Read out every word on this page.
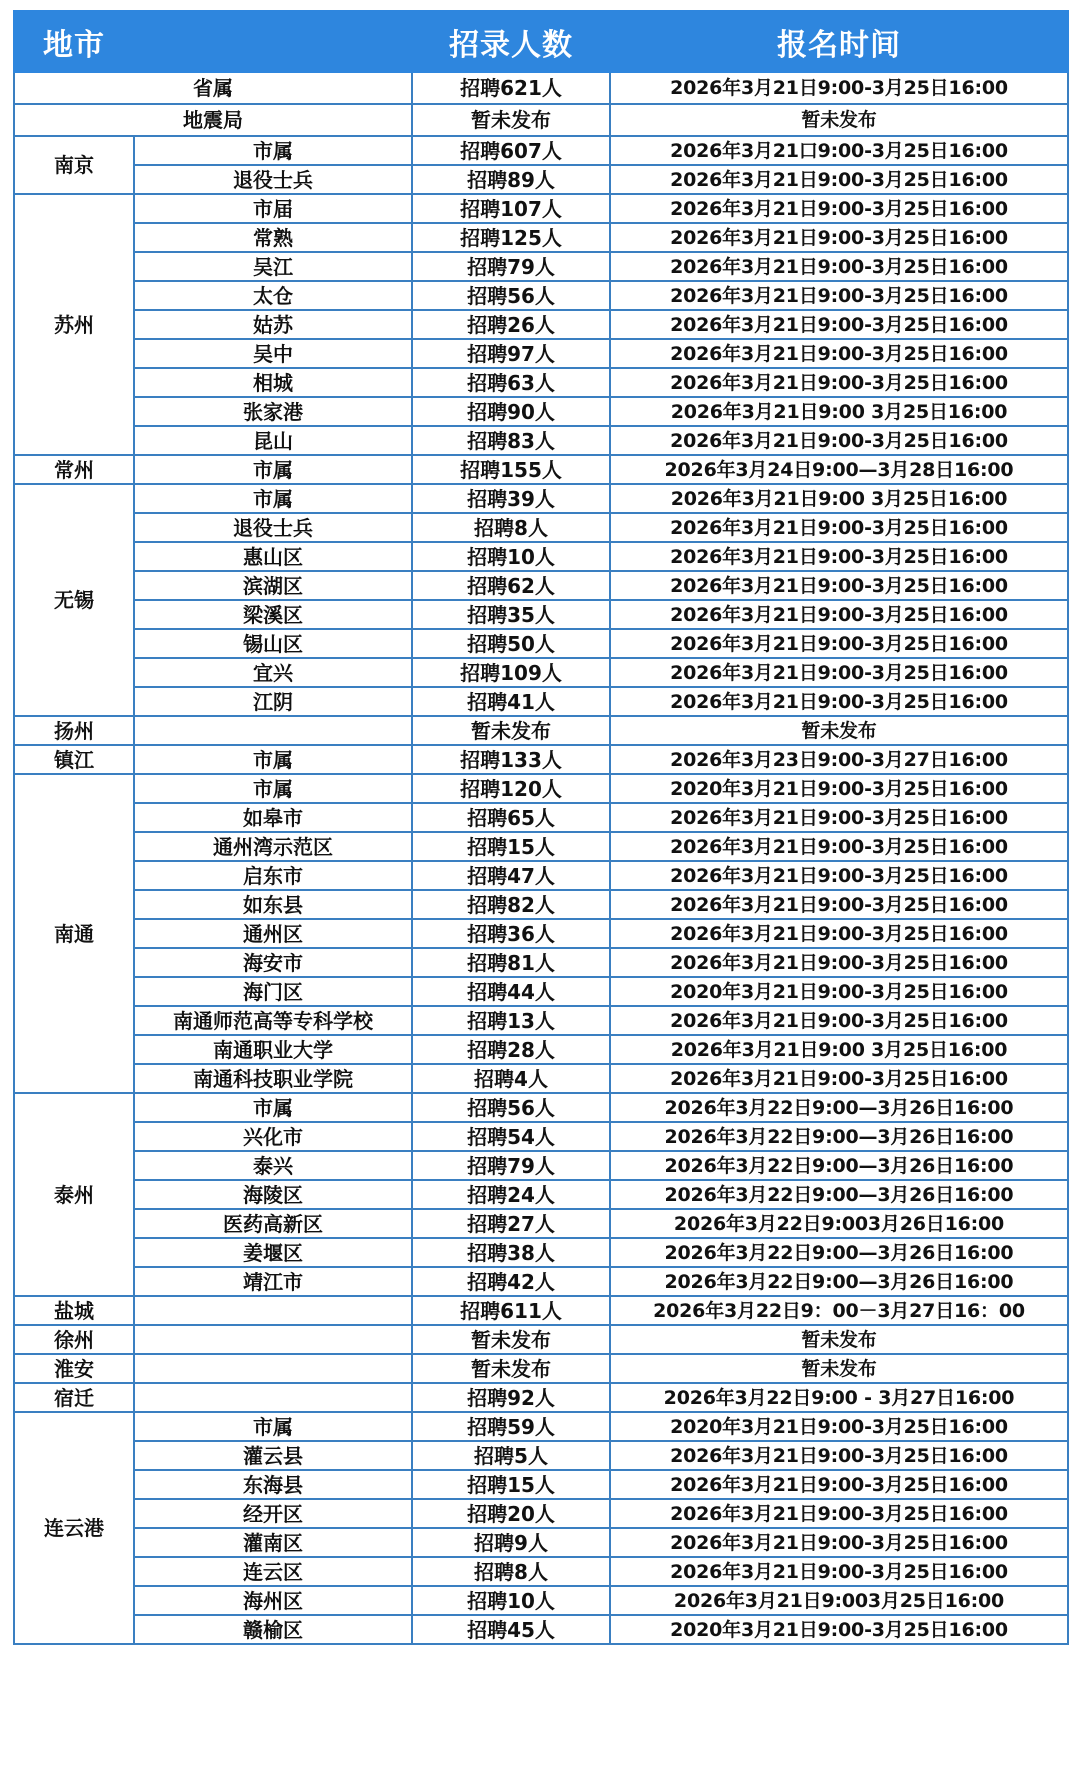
地市		招录人数	报名时间
省属		招聘621人	2026年3月21日9:00-3月25日16:00
地震局		暂未发布	暂未发布
南京	市属	招聘607人	2026年3月21口9:00-3月25日16:00
	退役士兵	招聘89人	2026年3月21日9:00-3月25日16:00
苏州	市届	招聘107人	2026年3月21日9:00-3月25日16:00
	常熟	招聘125人	2026年3月21日9:00-3月25日16:00
	吴江	招聘79人	2026年3月21日9:00-3月25日16:00
	太仓	招聘56人	2026年3月21日9:00-3月25日16:00
	姑苏	招聘26人	2026年3月21日9:00-3月25日16:00
	吴中	招聘97人	2026年3月21日9:00-3月25日16:00
	相城	招聘63人	2026年3月21日9:00-3月25日16:00
	张家港	招聘90人	2026年3月21日9:00 3月25日16:00
	昆山	招聘83人	2026年3月21日9:00-3月25日16:00
常州	市属	招聘155人	2026年3月24日9:00—3月28日16:00
无锡	市属	招聘39人	2026年3月21日9:00 3月25日16:00
	退役士兵	招聘8人	2026年3月21日9:00-3月25日16:00
	惠山区	招聘10人	2026年3月21日9:00-3月25日16:00
	滨湖区	招聘62人	2026年3月21日9:00-3月25日16:00
	梁溪区	招聘35人	2026年3月21日9:00-3月25日16:00
	锡山区	招聘50人	2026年3月21日9:00-3月25日16:00
	宜兴	招聘109人	2026年3月21日9:00-3月25日16:00
	江阴	招聘41人	2026年3月21日9:00-3月25日16:00
扬州		暂未发布	暂未发布
镇江	市属	招聘133人	2026年3月23日9:00-3月27日16:00
南通	市属	招聘120人	2020年3月21日9:00-3月25日16:00
	如皋市	招聘65人	2026年3月21日9:00-3月25日16:00
	通州湾示范区	招聘15人	2026年3月21日9:00-3月25日16:00
	启东市	招聘47人	2026年3月21日9:00-3月25日16:00
	如东县	招聘82人	2026年3月21日9:00-3月25日16:00
	通州区	招聘36人	2026年3月21日9:00-3月25日16:00
	海安市	招聘81人	2026年3月21日9:00-3月25日16:00
	海门区	招聘44人	2020年3月21日9:00-3月25日16:00
	南通师范高等专科学校	招聘13人	2026年3月21日9:00-3月25日16:00
	南通职业大学	招聘28人	2026年3月21日9:00 3月25日16:00
	南通科技职业学院	招聘4人	2026年3月21日9:00-3月25日16:00
泰州	市属	招聘56人	2026年3月22日9:00—3月26日16:00
	兴化市	招聘54人	2026年3月22日9:00—3月26日16:00
	泰兴	招聘79人	2026年3月22日9:00—3月26日16:00
	海陵区	招聘24人	2026年3月22日9:00—3月26日16:00
	医药高新区	招聘27人	2026年3月22日9:003月26日16:00
	姜堰区	招聘38人	2026年3月22日9:00—3月26日16:00
	靖江市	招聘42人	2026年3月22日9:00—3月26日16:00
盐城		招聘611人	2026年3月22日9：00－3月27日16：00
徐州		暂未发布	暂未发布
淮安		暂未发布	暂未发布
宿迁		招聘92人	2026年3月22日9:00 - 3月27日16:00
连云港	市属	招聘59人	2020年3月21日9:00-3月25日16:00
	灌云县	招聘5人	2026年3月21日9:00-3月25日16:00
	东海县	招聘15人	2026年3月21日9:00-3月25日16:00
	经开区	招聘20人	2026年3月21日9:00-3月25日16:00
	灌南区	招聘9人	2026年3月21日9:00-3月25日16:00
	连云区	招聘8人	2026年3月21日9:00-3月25日16:00
	海州区	招聘10人	2026年3月21日9:003月25日16:00
	赣榆区	招聘45人	2020年3月21日9:00-3月25日16:00
